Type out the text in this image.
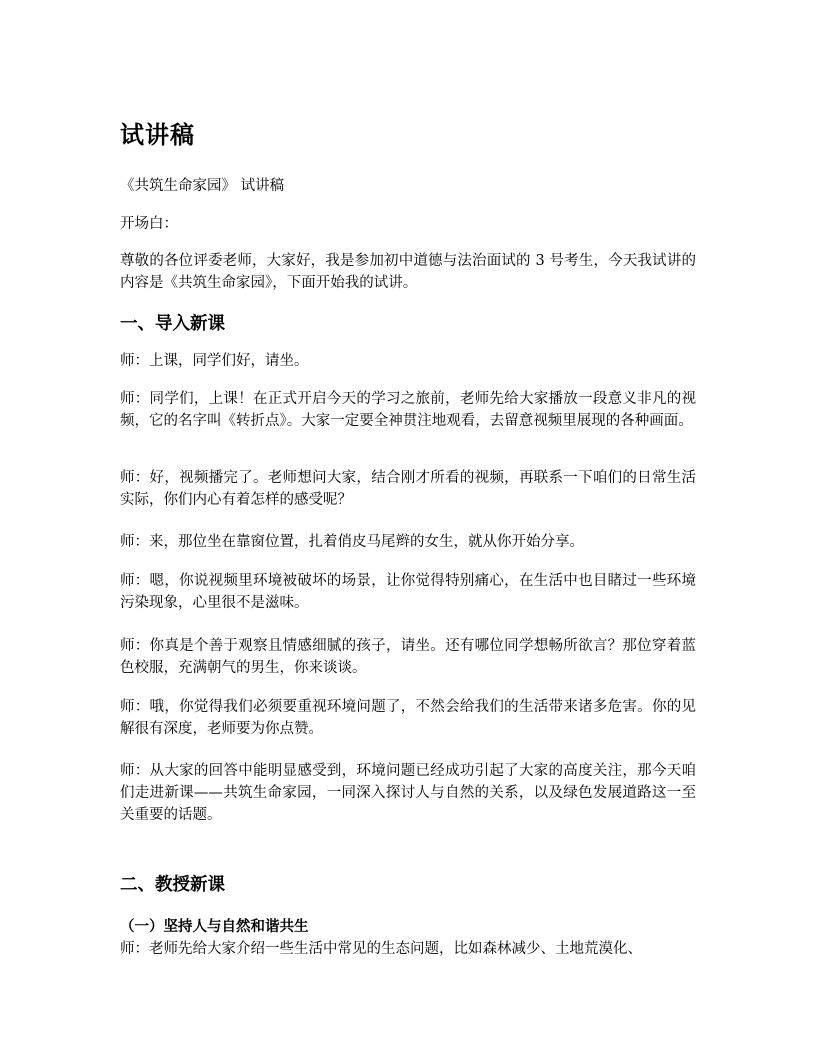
试讲稿
《共筑生命家园》 试讲稿
开场白：
尊敬的各位评委老师，大家好，我是参加初中道德与法治面试的 3 号考生，今天我试讲的内容是《共筑生命家园》，下面开始我的试讲。
一、导入新课
师：上课，同学们好，请坐。
师：同学们，上课！在正式开启今天的学习之旅前，老师先给大家播放一段意义非凡的视频，它的名字叫《转折点》。大家一定要全神贯注地观看，去留意视频里展现的各种画面。
师：好，视频播完了。老师想问大家，结合刚才所看的视频，再联系一下咱们的日常生活实际，你们内心有着怎样的感受呢？
师：来，那位坐在靠窗位置，扎着俏皮马尾辫的女生，就从你开始分享。
师：嗯，你说视频里环境被破坏的场景，让你觉得特别痛心，在生活中也目睹过一些环境污染现象，心里很不是滋味。
师：你真是个善于观察且情感细腻的孩子，请坐。还有哪位同学想畅所欲言？那位穿着蓝色校服，充满朝气的男生，你来谈谈。
师：哦，你觉得我们必须要重视环境问题了，不然会给我们的生活带来诸多危害。你的见解很有深度，老师要为你点赞。
师：从大家的回答中能明显感受到，环境问题已经成功引起了大家的高度关注，那今天咱们走进新课——共筑生命家园，一同深入探讨人与自然的关系，以及绿色发展道路这一至关重要的话题。
二、教授新课
（一）坚持人与自然和谐共生
师：老师先给大家介绍一些生活中常见的生态问题，比如森林减少、土地荒漠化、
